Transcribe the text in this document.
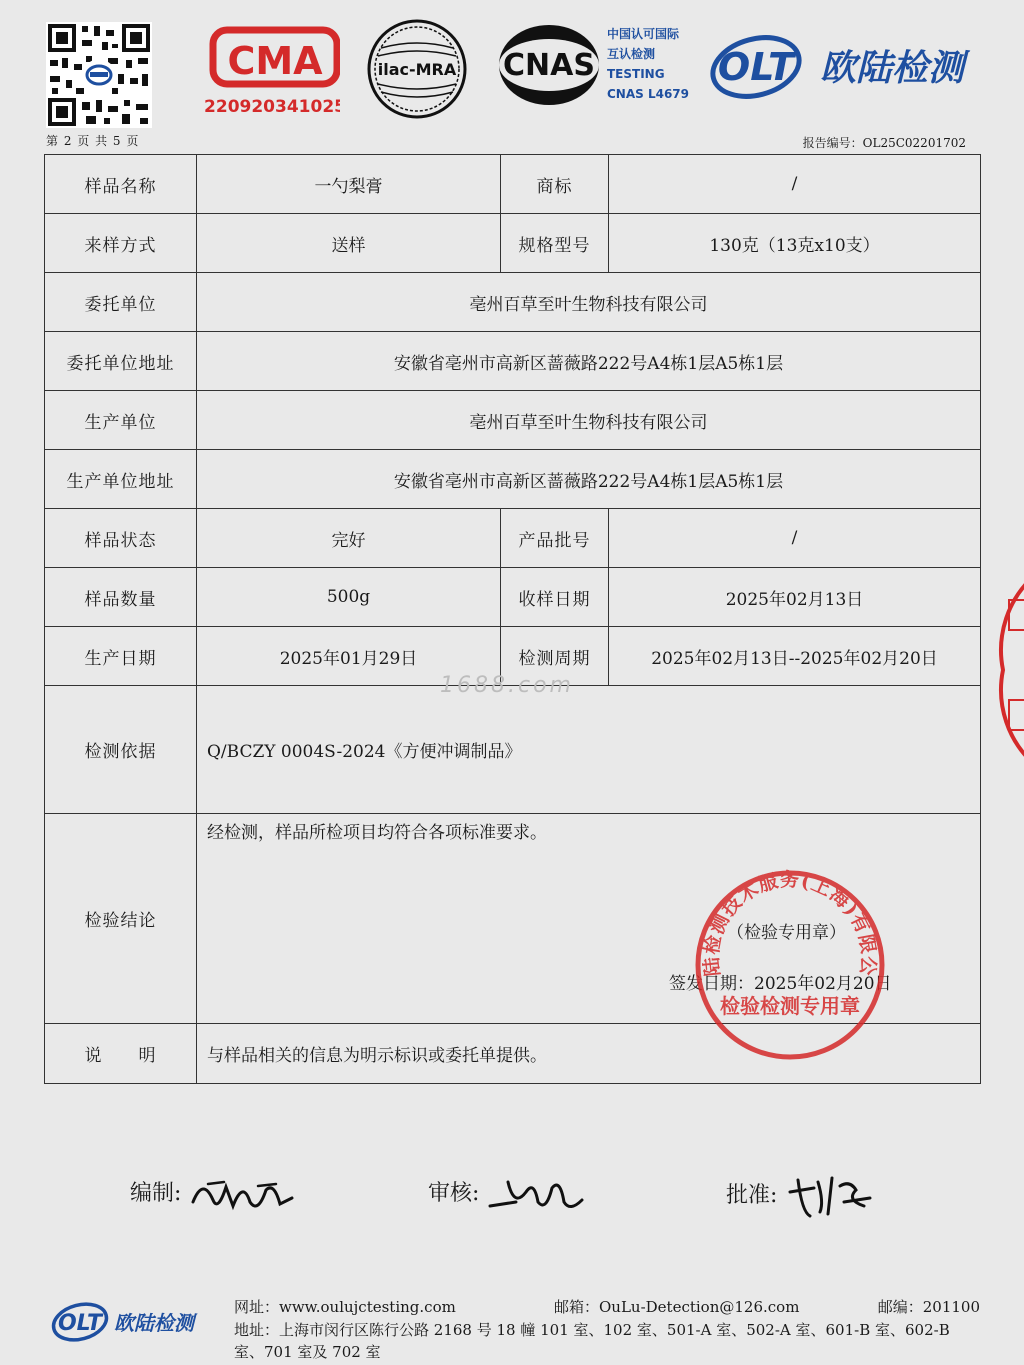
CMA
220920341025
ilac-MRA CNAS
中国认可国际
互认检测
TESTING
CNAS L4679
OLT 欧陆检测
第 2 页 共 5 页	报告编号：OL25C02201702
样品名称	一勺梨膏	商标	/
来样方式	送样	规格型号	130克（13克x10支）
委托单位	亳州百草至叶生物科技有限公司		
委托单位地址	安徽省亳州市高新区蔷薇路222号A4栋1层A5栋1层		
生产单位	亳州百草至叶生物科技有限公司		
生产单位地址	安徽省亳州市高新区蔷薇路222号A4栋1层A5栋1层		
样品状态	完好	产品批号	/
样品数量	500g	收样日期	2025年02月13日
生产日期	2025年01月29日	检测周期	2025年02月13日--2025年02月20日
检测依据	Q/BCZY 0004S-2024《方便冲调制品》		
检验结论	经检测，样品所检项目均符合各项标准要求。
（检验专用章）
签发日期：2025年02月20日		

说　　明	与样品相关的信息为明示标识或委托单提供。		
1688.com
陆检测技术服务(上海)有限公
检验检测专用章
编制:	审核:	批准:
OLT 欧陆检测
网址：www.oulujctesting.com	邮箱：OuLu-Detection@126.com	邮编：201100
地址：上海市闵行区陈行公路 2168 号 18 幢 101 室、102 室、501-A 室、502-A 室、601-B 室、602-B
室、701 室及 702 室
